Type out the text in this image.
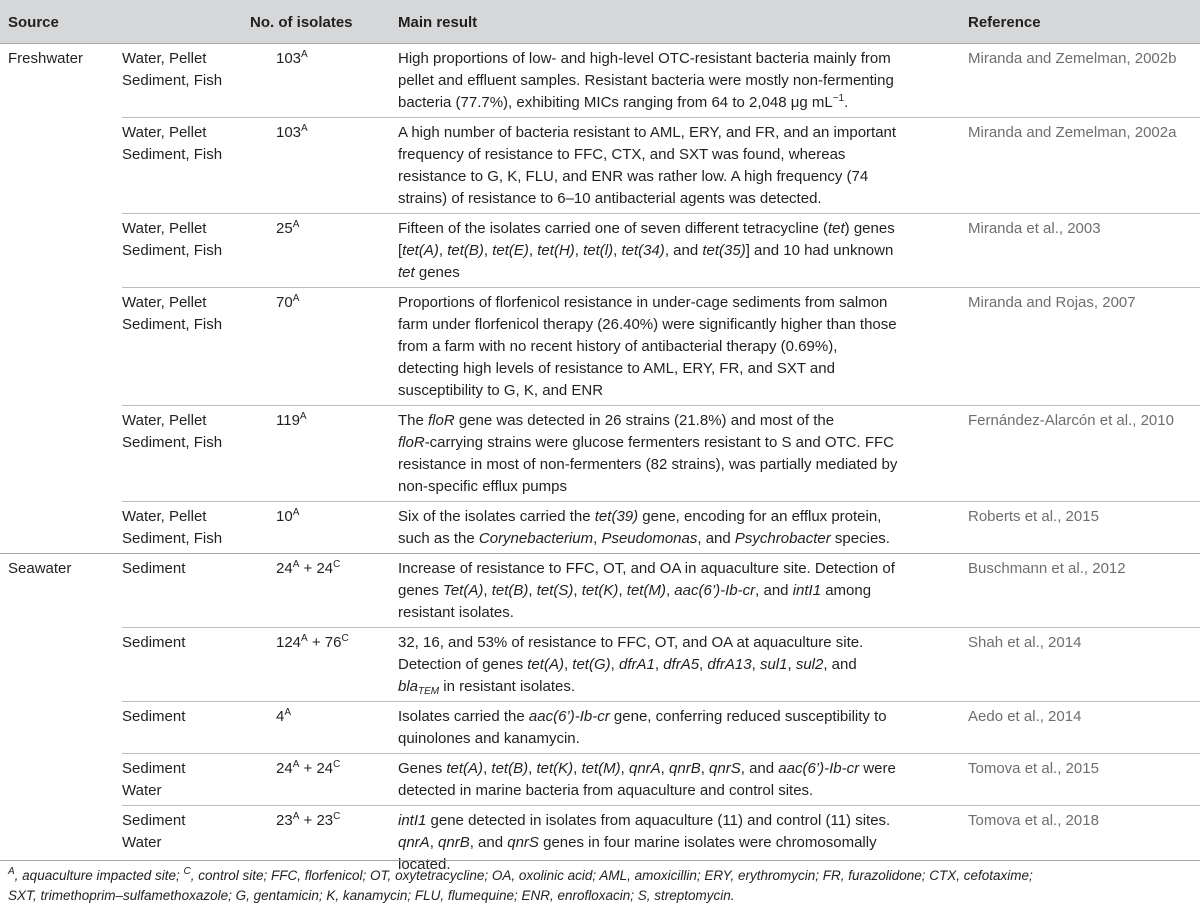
Source		No. of isolates	Main result	Reference
Freshwater	Water, Pellet
Sediment, Fish	$103^A$	High proportions of low- and high-level OTC-resistant bacteria mainly from
pellet and effluent samples. Resistant bacteria were mostly non-fermenting
bacteria (77.7%), exhibiting MICs ranging from 64 to 2,048 μg $mL^{-1}$.	Miranda and Zemelman, 2002b

	Water, Pellet
Sediment, Fish	$103^A$	A high number of bacteria resistant to AML, ERY, and FR, and an important
frequency of resistance to FFC, CTX, and SXT was found, whereas
resistance to G, K, FLU, and ENR was rather low. A high frequency (74
strains) of resistance to 6–10 antibacterial agents was detected.	Miranda and Zemelman, 2002a

	Water, Pellet
Sediment, Fish	$25^A$	Fifteen of the isolates carried one of seven different tetracycline (tet) genes
[tet(A), tet(B), tet(E), tet(H), tet(l), tet(34), and tet(35)] and 10 had unknown
tet genes	Miranda et al., 2003

	Water, Pellet
Sediment, Fish	$70^A$	Proportions of florfenicol resistance in under-cage sediments from salmon
farm under florfenicol therapy (26.40%) were significantly higher than those
from a farm with no recent history of antibacterial therapy (0.69%),
detecting high levels of resistance to AML, ERY, FR, and SXT and
susceptibility to G, K, and ENR	Miranda and Rojas, 2007

	Water, Pellet
Sediment, Fish	$119^A$	The floR gene was detected in 26 strains (21.8%) and most of the
floR-carrying strains were glucose fermenters resistant to S and OTC. FFC
resistance in most of non-fermenters (82 strains), was partially mediated by
non-specific efflux pumps	Fernández-Alarcón et al., 2010

	Water, Pellet
Sediment, Fish	$10^A$	Six of the isolates carried the tet(39) gene, encoding for an efflux protein,
such as the Corynebacterium, Pseudomonas, and Psychrobacter species.	Roberts et al., 2015
Seawater	Sediment	$24^A + 24^C$	Increase of resistance to FFC, OT, and OA in aquaculture site. Detection of
genes Tet(A), tet(B), tet(S), tet(K), tet(M), aac(6’)-Ib-cr, and intI1 among
resistant isolates.	Buschmann et al., 2012

	Sediment	$124^A + 76^C$	32, 16, and 53% of resistance to FFC, OT, and OA at aquaculture site.
Detection of genes tet(A), tet(G), dfrA1, dfrA5, dfrA13, sul1, sul2, and
bla$_{TEM}$ in resistant isolates.	Shah et al., 2014

	Sediment	$4^A$	Isolates carried the aac(6’)-Ib-cr gene, conferring reduced susceptibility to
quinolones and kanamycin.	Aedo et al., 2014

	Sediment
Water	$24^A + 24^C$	Genes tet(A), tet(B), tet(K), tet(M), qnrA, qnrB, qnrS, and aac(6’)-Ib-cr were
detected in marine bacteria from aquaculture and control sites.	Tomova et al., 2015

	Sediment
Water	$23^A + 23^C$	intI1 gene detected in isolates from aquaculture (11) and control (11) sites.
qnrA, qnrB, and qnrS genes in four marine isolates were chromosomally
located.	Tomova et al., 2018
$^A$, aquaculture impacted site; $^C$, control site; FFC, florfenicol; OT, oxytetracycline; OA, oxolinic acid; AML, amoxicillin; ERY, erythromycin; FR, furazolidone; CTX, cefotaxime;
SXT, trimethoprim–sulfamethoxazole; G, gentamicin; K, kanamycin; FLU, flumequine; ENR, enrofloxacin; S, streptomycin.
